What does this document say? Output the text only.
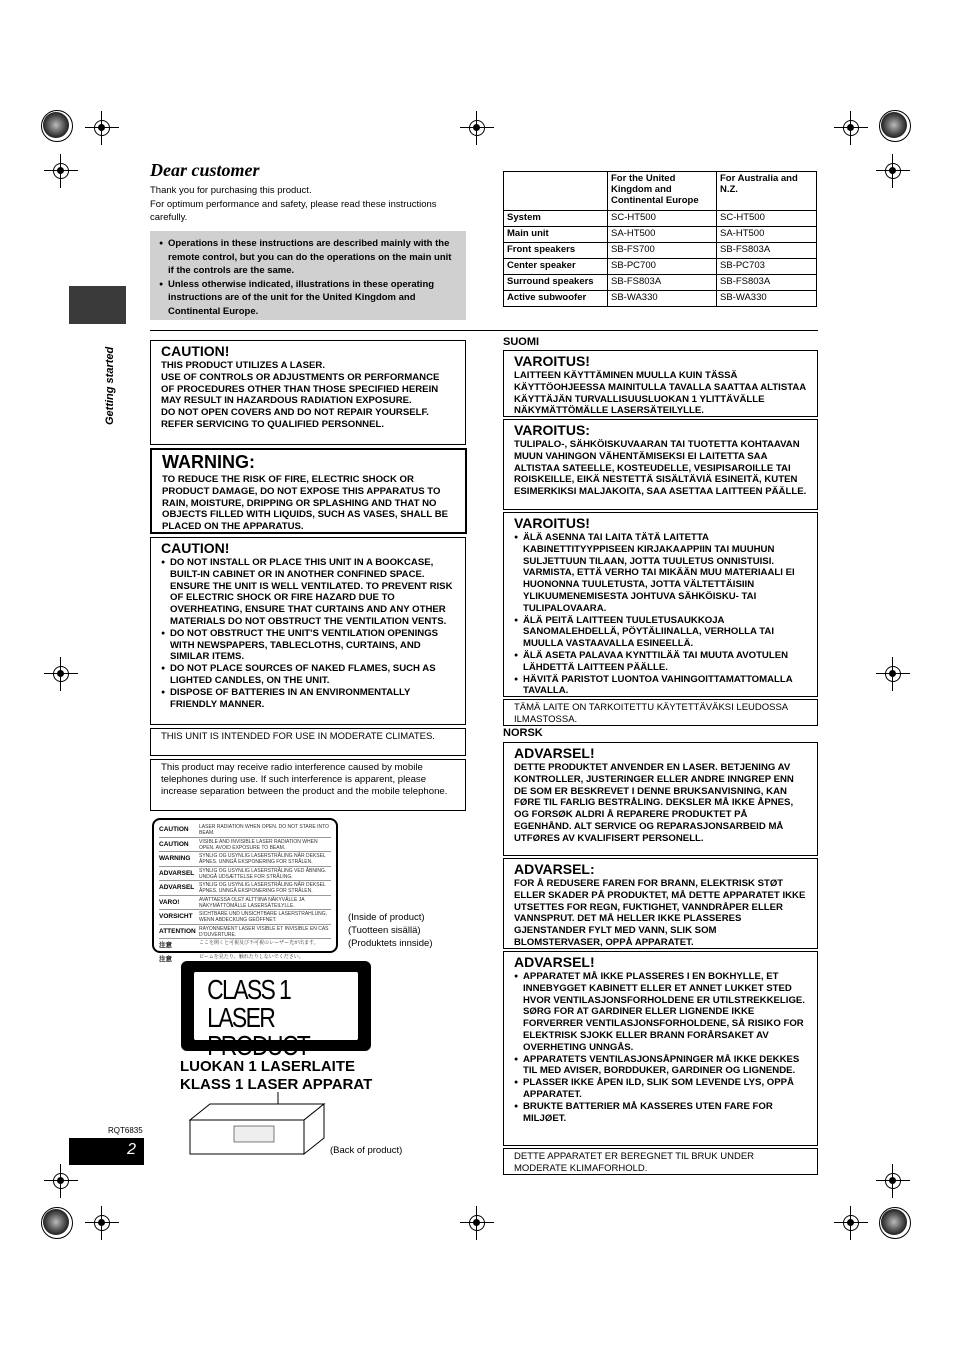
Getting started
Dear customer
Thank you for purchasing this product.
For optimum performance and safety, please read these instructions carefully.
● Operations in these instructions are described mainly with the remote control, but you can do the operations on the main unit if the controls are the same.
● Unless otherwise indicated, illustrations in these operating instructions are of the unit for the United Kingdom and Continental Europe.
	For the United Kingdom and Continental Europe	For Australia and N.Z.
System	SC-HT500	SC-HT500
Main unit	SA-HT500	SA-HT500
Front speakers	SB-FS700	SB-FS803A
Center speaker	SB-PC700	SB-PC703
Surround speakers	SB-FS803A	SB-FS803A
Active subwoofer	SB-WA330	SB-WA330
CAUTION!

THIS PRODUCT UTILIZES A LASER.

USE OF CONTROLS OR ADJUSTMENTS OR PERFORMANCE OF PROCEDURES OTHER THAN THOSE SPECIFIED HEREIN MAY RESULT IN HAZARDOUS RADIATION EXPOSURE.

DO NOT OPEN COVERS AND DO NOT REPAIR YOURSELF. REFER SERVICING TO QUALIFIED PERSONNEL.

WARNING:

TO REDUCE THE RISK OF FIRE, ELECTRIC SHOCK OR PRODUCT DAMAGE, DO NOT EXPOSE THIS APPARATUS TO RAIN, MOISTURE, DRIPPING OR SPLASHING AND THAT NO OBJECTS FILLED WITH LIQUIDS, SUCH AS VASES, SHALL BE PLACED ON THE APPARATUS.

CAUTION!
● DO NOT INSTALL OR PLACE THIS UNIT IN A BOOKCASE, BUILT-IN CABINET OR IN ANOTHER CONFINED SPACE. ENSURE THE UNIT IS WELL VENTILATED. TO PREVENT RISK OF ELECTRIC SHOCK OR FIRE HAZARD DUE TO OVERHEATING, ENSURE THAT CURTAINS AND ANY OTHER MATERIALS DO NOT OBSTRUCT THE VENTILATION VENTS.
● DO NOT OBSTRUCT THE UNIT'S VENTILATION OPENINGS WITH NEWSPAPERS, TABLECLOTHS, CURTAINS, AND SIMILAR ITEMS.
● DO NOT PLACE SOURCES OF NAKED FLAMES, SUCH AS LIGHTED CANDLES, ON THE UNIT.
● DISPOSE OF BATTERIES IN AN ENVIRONMENTALLY FRIENDLY MANNER.

THIS UNIT IS INTENDED FOR USE IN MODERATE CLIMATES.

This product may receive radio interference caused by mobile telephones during use. If such interference is apparent, please increase separation between the product and the mobile telephone.

CAUTION	LASER RADIATION WHEN OPEN. DO NOT STARE INTO BEAM.
CAUTION	VISIBLE AND INVISIBLE LASER RADIATION WHEN OPEN. AVOID EXPOSURE TO BEAM.
WARNING	SYNLIG OG USYNLIG LASERSTRÅLING NÅR DEKSEL ÅPNES. UNNGÅ EKSPONERING FOR STRÅLEN.
ADVARSEL SYNLIG OG USYNLIG LASERSTRÅLING VED ÅBNING. UNDGÅ UDSÆTTELSE FOR STRÅLING.
ADVARSEL SYNLIG OG USYNLIG LASERSTRÅLING NÅR DEKSEL ÅPNES. UNNGÅ EKSPONERING FOR STRÅLEN.
VARO!	AVATTAESSA OLET ALTTIINA NÄKYVÄLLE JA NÄKYMÄTTÖMÄLLE LASERSÄTEILYLLE.
VORSICHT	SICHTBARE UND UNSICHTBARE LASERSTRAHLUNG, WENN ABDECKUNG GEÖFFNET.
ATTENTION RAYONNEMENT LASER VISIBLE ET INVISIBLE EN CAS D'OUVERTURE.
注意	ここを開くと可視及び不可視のレーザー光が出ます。
注意	ビームを見たり、触れたりしないでください。
(Inside of product)
(Tuotteen sisällä)
(Produktets innside)
CLASS 1
LASER PRODUCT
LUOKAN 1 LASERLAITE
KLASS 1 LASER APPARAT
(Back of product)
RQT6835
2
SUOMI
VAROITUS!

LAITTEEN KÄYTTÄMINEN MUULLA KUIN TÄSSÄ KÄYTTÖOHJEESSA MAINITULLA TAVALLA SAATTAA ALTISTAA KÄYTTÄJÄN TURVALLISUUSLUOKAN 1 YLITTÄVÄLLE NÄKYMÄTTÖMÄLLE LASERSÄTEILYLLE.

VAROITUS:

TULIPALO-, SÄHKÖISKUVAARAN TAI TUOTETTA KOHTAAVAN MUUN VAHINGON VÄHENTÄMISEKSI EI LAITETTA SAA ALTISTAA SATEELLE, KOSTEUDELLE, VESIPISAROILLE TAI ROISKEILLE, EIKÄ NESTETTÄ SISÄLTÄVIÄ ESINEITÄ, KUTEN ESIMERKIKSI MALJAKOITA, SAA ASETTAA LAITTEEN PÄÄLLE.

VAROITUS!
● ÄLÄ ASENNA TAI LAITA TÄTÄ LAITETTA KABINETTITYYPPISEEN KIRJAKAAPPIIN TAI MUUHUN SULJETTUUN TILAAN, JOTTA TUULETUS ONNISTUISI. VARMISTA, ETTÄ VERHO TAI MIKÄÄN MUU MATERIAALI EI HUONONNA TUULETUSTA, JOTTA VÄLTETTÄISIIN YLIKUUMENEMISESTA JOHTUVA SÄHKÖISKU- TAI TULIPALOVAARA.
● ÄLÄ PEITÄ LAITTEEN TUULETUSAUKKOJA SANOMALEHDELLÄ, PÖYTÄLIINALLA, VERHOLLA TAI MUULLA VASTAAVALLA ESINEELLÄ.
● ÄLÄ ASETA PALAVAA KYNTTILÄÄ TAI MUUTA AVOTULEN LÄHDETTÄ LAITTEEN PÄÄLLE.
● HÄVITÄ PARISTOT LUONTOA VAHINGOITTAMATTOMALLA TAVALLA.

TÄMÄ LAITE ON TARKOITETTU KÄYTETTÄVÄKSI LEUDOSSA ILMASTOSSA.

NORSK
ADVARSEL!

DETTE PRODUKTET ANVENDER EN LASER. BETJENING AV KONTROLLER, JUSTERINGER ELLER ANDRE INNGREP ENN DE SOM ER BESKREVET I DENNE BRUKSANVISNING, KAN FØRE TIL FARLIG BESTRÅLING. DEKSLER MÅ IKKE ÅPNES, OG FORSØK ALDRI Å REPARERE PRODUKTET PÅ EGENHÅND. ALT SERVICE OG REPARASJONSARBEID MÅ UTFØRES AV KVALIFISERT PERSONELL.

ADVARSEL:

FOR Å REDUSERE FAREN FOR BRANN, ELEKTRISK STØT ELLER SKADER PÅ PRODUKTET, MÅ DETTE APPARATET IKKE UTSETTES FOR REGN, FUKTIGHET, VANNDRÅPER ELLER VANNSPRUT. DET MÅ HELLER IKKE PLASSERES GJENSTANDER FYLT MED VANN, SLIK SOM BLOMSTERVASER, OPPÅ APPARATET.

ADVARSEL!
● APPARATET MÅ IKKE PLASSERES I EN BOKHYLLE, ET INNEBYGGET KABINETT ELLER ET ANNET LUKKET STED HVOR VENTILASJONSFORHOLDENE ER UTILSTREKKELIGE. SØRG FOR AT GARDINER ELLER LIGNENDE IKKE FORVERRER VENTILASJONSFORHOLDENE, SÅ RISIKO FOR ELEKTRISK SJOKK ELLER BRANN FORÅRSAKET AV OVERHETING UNNGÅS.
● APPARATETS VENTILASJONSÅPNINGER MÅ IKKE DEKKES TIL MED AVISER, BORDDUKER, GARDINER OG LIGNENDE.
● PLASSER IKKE ÅPEN ILD, SLIK SOM LEVENDE LYS, OPPÅ APPARATET.
● BRUKTE BATTERIER MÅ KASSERES UTEN FARE FOR MILJØET.

DETTE APPARATET ER BEREGNET TIL BRUK UNDER MODERATE KLIMAFORHOLD.
